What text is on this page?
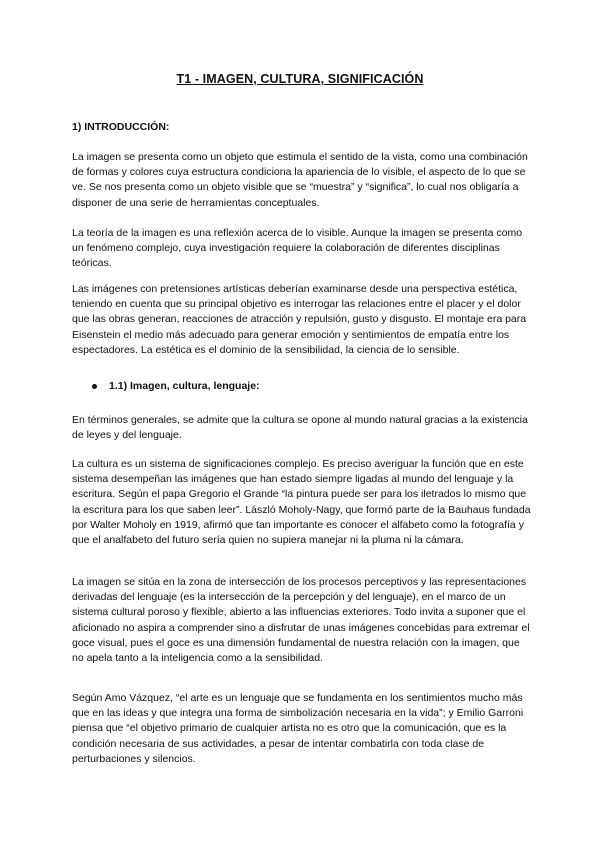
T1 - IMAGEN, CULTURA, SIGNIFICACIÓN
1) INTRODUCCIÓN:

La imagen se presenta como un objeto que estimula el sentido de la vista, como una combinación de formas y colores cuya estructura condiciona la apariencia de lo visible, el aspecto de lo que se ve. Se nos presenta como un objeto visible que se “muestra” y “significa”, lo cual nos obligaría a disponer de una serie de herramientas conceptuales.

La teoría de la imagen es una reflexión acerca de lo visible. Aunque la imagen se presenta como un fenómeno complejo, cuya investigación requiere la colaboración de diferentes disciplinas teóricas.

Las imágenes con pretensiones artísticas deberían examinarse desde una perspectiva estética, teniendo en cuenta que su principal objetivo es interrogar las relaciones entre el placer y el dolor que las obras generan, reacciones de atracción y repulsión, gusto y disgusto. El montaje era para Eisenstein el medio más adecuado para generar emoción y sentimientos de empatía entre los espectadores. La estética es el dominio de la sensibilidad, la ciencia de lo sensible.

1.1) Imagen, cultura, lenguaje:

En términos generales, se admite que la cultura se opone al mundo natural gracias a la existencia de leyes y del lenguaje.

La cultura es un sistema de significaciones complejo. Es preciso averiguar la función que en este sistema desempeñan las imágenes que han estado siempre ligadas al mundo del lenguaje y la escritura. Según el papa Gregorio el Grande “la pintura puede ser para los iletrados lo mismo que la escritura para los que saben leer”. László Moholy-Nagy, que formó parte de la Bauhaus fundada por Walter Moholy en 1919, afirmó que tan importante es conocer el alfabeto como la fotografía y que el analfabeto del futuro sería quien no supiera manejar ni la pluma ni la cámara.

La imagen se sitúa en la zona de intersección de los procesos perceptivos y las representaciones derivadas del lenguaje (es la intersección de la percepción y del lenguaje), en el marco de un sistema cultural poroso y flexible, abierto a las influencias exteriores. Todo invita a suponer que el aficionado no aspira a comprender sino a disfrutar de unas imágenes concebidas para extremar el goce visual, pues el goce es una dimensión fundamental de nuestra relación con la imagen, que no apela tanto a la inteligencia como a la sensibilidad.

Según Amo Vázquez, “el arte es un lenguaje que se fundamenta en los sentimientos mucho más que en las ideas y que integra una forma de simbolización necesaria en la vida”; y Emilio Garroni piensa que “el objetivo primario de cualquier artista no es otro que la comunicación, que es la condición necesaria de sus actividades, a pesar de intentar combatirla con toda clase de perturbaciones y silencios.
